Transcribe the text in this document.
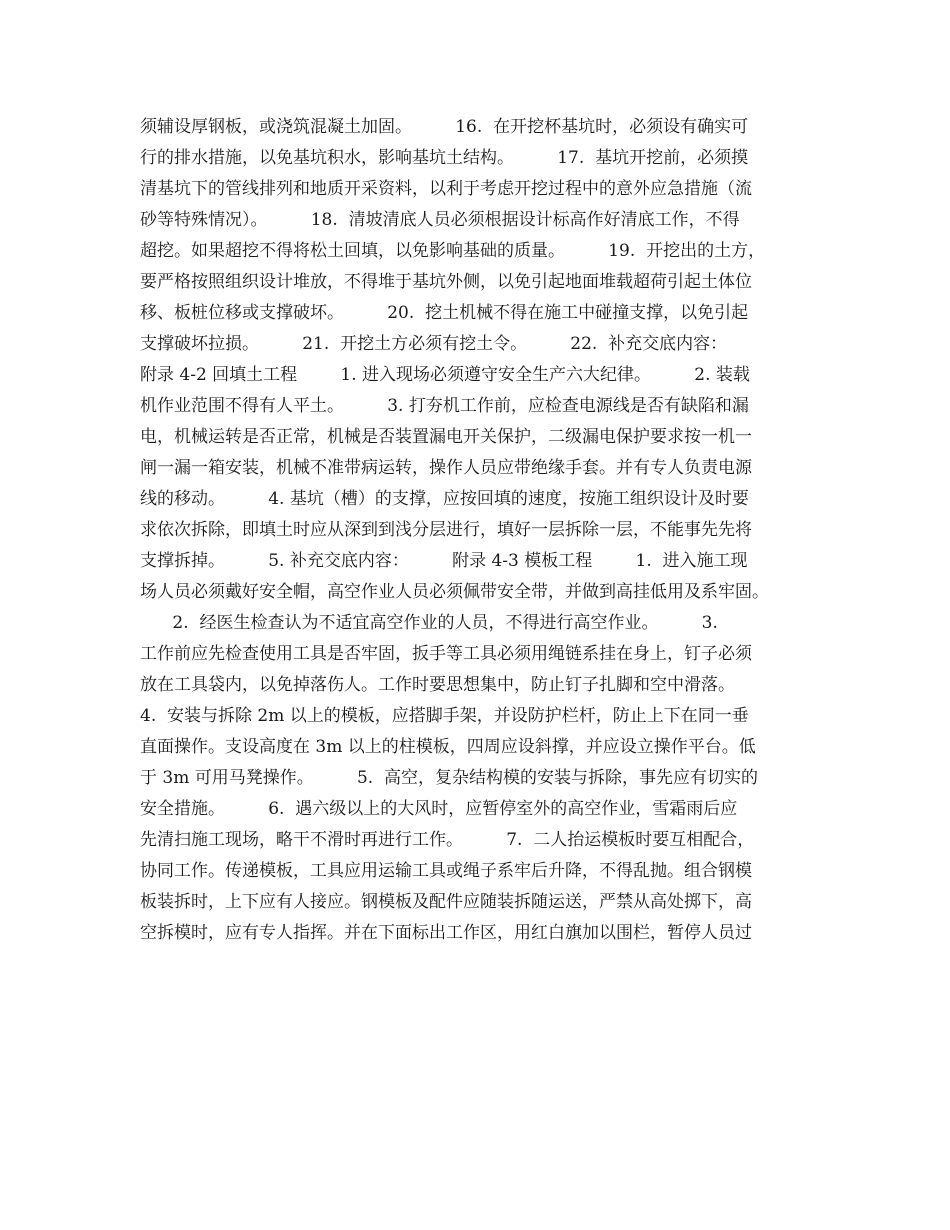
须辅设厚钢板，或浇筑混凝土加固。        16.  在开挖杯基坑时，必须设有确实可
行的排水措施，以免基坑积水，影响基坑土结构。        17.  基坑开挖前，必须摸
清基坑下的管线排列和地质开采资料，以利于考虑开挖过程中的意外应急措施（流
砂等特殊情况）。        18.  清坡清底人员必须根据设计标高作好清底工作，不得
超挖。如果超挖不得将松土回填，以免影响基础的质量。        19.  开挖出的土方，
要严格按照组织设计堆放，不得堆于基坑外侧，以免引起地面堆载超荷引起土体位
移、板桩位移或支撑破坏。        20.  挖土机械不得在施工中碰撞支撑，以免引起
支撑破坏拉损。        21.  开挖土方必须有挖土令。        22.  补充交底内容：
附录 4-2 回填土工程        1. 进入现场必须遵守安全生产六大纪律。        2. 装载
机作业范围不得有人平土。        3. 打夯机工作前，应检查电源线是否有缺陷和漏
电，机械运转是否正常，机械是否装置漏电开关保护，二级漏电保护要求按一机一
闸一漏一箱安装，机械不准带病运转，操作人员应带绝缘手套。并有专人负责电源
线的移动。        4. 基坑（槽）的支撑，应按回填的速度，按施工组织设计及时要
求依次拆除，即填土时应从深到到浅分层进行，填好一层拆除一层，不能事先先将
支撑拆掉。        5. 补充交底内容：        附录 4-3 模板工程        1.  进入施工现
场人员必须戴好安全帽，高空作业人员必须佩带安全带，并做到高挂低用及系牢固。
2.  经医生检查认为不适宜高空作业的人员，不得进行高空作业。        3.
工作前应先检查使用工具是否牢固，扳手等工具必须用绳链系挂在身上，钉子必须
放在工具袋内，以免掉落伤人。工作时要思想集中，防止钉子扎脚和空中滑落。
4.  安装与拆除 2m 以上的模板，应搭脚手架，并设防护栏杆，防止上下在同一垂
直面操作。支设高度在 3m 以上的柱模板，四周应设斜撑，并应设立操作平台。低
于 3m 可用马凳操作。        5.  高空，复杂结构模的安装与拆除，事先应有切实的
安全措施。        6.  遇六级以上的大风时，应暂停室外的高空作业，雪霜雨后应
先清扫施工现场，略干不滑时再进行工作。        7.  二人抬运模板时要互相配合，
协同工作。传递模板，工具应用运输工具或绳子系牢后升降，不得乱抛。组合钢模
板装拆时，上下应有人接应。钢模板及配件应随装拆随运送，严禁从高处掷下，高
空拆模时，应有专人指挥。并在下面标出工作区，用红白旗加以围栏，暂停人员过
